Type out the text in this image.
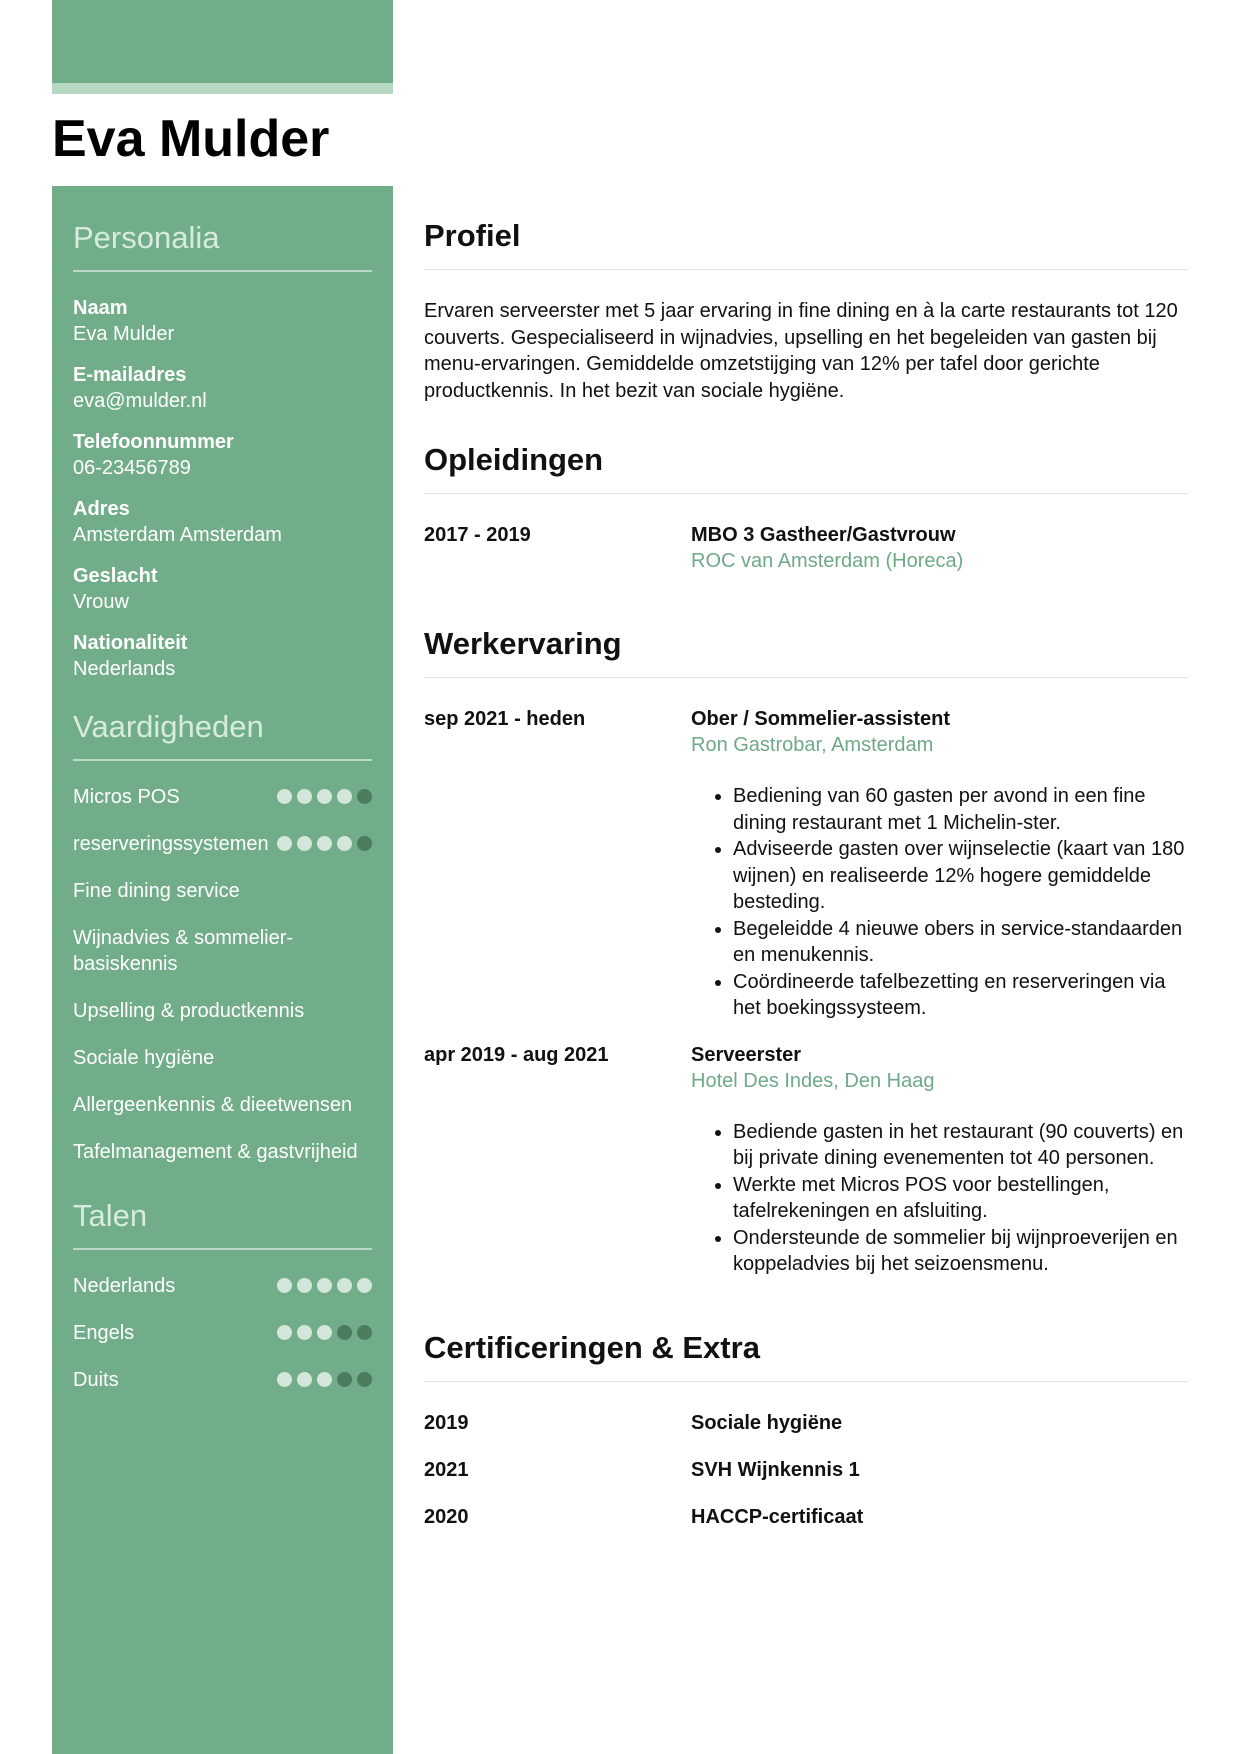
Eva Mulder
Personalia
Naam
Eva Mulder
E-mailadres
eva@mulder.nl
Telefoonnummer
06-23456789
Adres
Amsterdam Amsterdam
Geslacht
Vrouw
Nationaliteit
Nederlands
Vaardigheden
Micros POS
reserveringssystemen
Fine dining service
Wijnadvies & sommelier-basiskennis
Upselling & productkennis
Sociale hygiëne
Allergeenkennis & dieetwensen
Tafelmanagement & gastvrijheid
Talen
Nederlands
Engels
Duits
Profiel

Ervaren serveerster met 5 jaar ervaring in fine dining en à la carte restaurants tot 120 couverts. Gespecialiseerd in wijnadvies, upselling en het begeleiden van gasten bij menu-ervaringen. Gemiddelde omzetstijging van 12% per tafel door gerichte productkennis. In het bezit van sociale hygiëne.

Opleidingen
2017 - 2019	MBO 3 Gastheer/Gastvrouw
ROC van Amsterdam (Horeca)
Werkervaring
sep 2021 - heden	Ober / Sommelier-assistent
Ron Gastrobar, Amsterdam
• Bediening van 60 gasten per avond in een fine dining restaurant met 1 Michelin-ster.
• Adviseerde gasten over wijnselectie (kaart van 180 wijnen) en realiseerde 12% hogere gemiddelde besteding.
• Begeleidde 4 nieuwe obers in service-standaarden en menukennis.
• Coördineerde tafelbezetting en reserveringen via het boekingssysteem.
apr 2019 - aug 2021	Serveerster
Hotel Des Indes, Den Haag
• Bediende gasten in het restaurant (90 couverts) en bij private dining evenementen tot 40 personen.
• Werkte met Micros POS voor bestellingen, tafelrekeningen en afsluiting.
• Ondersteunde de sommelier bij wijnproeverijen en koppeladvies bij het seizoensmenu.
Certificeringen & Extra
2019	Sociale hygiëne
2021	SVH Wijnkennis 1
2020	HACCP-certificaat
